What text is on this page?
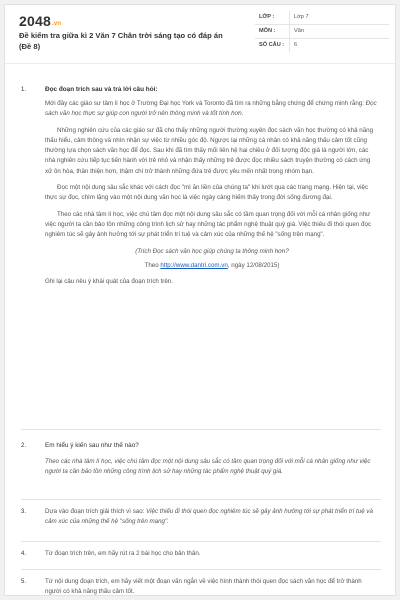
2048.vn
Đề kiểm tra giữa kì 2 Văn 7 Chân trời sáng tạo có đáp án (Đề 8)
LỚP :	Lớp 7
MÔN :	Văn
SỐ CÂU :	6
1.	Đọc đoạn trích sau và trả lời câu hỏi:

Mới đây các giáo sư tâm lí học ở Trường Đại học York và Toronto đã tìm ra những bằng chứng để chứng minh rằng: Đọc sách văn học thực sự giúp con người trở nên thông minh và tốt tính hơn.

Những nghiên cứu của các giáo sư đã cho thấy những người thường xuyên đọc sách văn học thường có khả năng thấu hiểu, cảm thông và nhìn nhận sự việc từ nhiều góc độ. Ngược lại những cá nhân có khả năng thấu cảm tốt cũng thường lựa chọn sách văn học để đọc. Sau khi đã tìm thấy mối liên hệ hai chiều ở đối tượng độc giả là người lớn, các nhà nghiên cứu tiếp tục tiến hành với trẻ nhỏ và nhận thấy những trẻ được đọc nhiều sách truyện thường có cách ứng xử ôn hòa, thân thiện hơn, thậm chí trở thành những đứa trẻ được yêu mến nhất trong nhóm bạn.

Đọc một nội dung sâu sắc khác với cách đọc "mì ăn liền của chúng ta" khi lướt qua các trang mạng. Hiện tại, việc thực sự đọc, chìm lặng vào một nội dung văn học là việc ngày càng hiếm thấy trong đời sống đương đại.

Theo các nhà tâm lí học, việc chú tâm đọc một nội dung sâu sắc có tầm quan trọng đối với mỗi cá nhân giống như việc người ta cần bảo tồn những công trình lịch sử hay những tác phẩm nghệ thuật quý giá. Việc thiếu đi thói quen đọc nghiêm túc sẽ gây ảnh hưởng tới sự phát triển trí tuệ và cảm xúc của những thế hệ "sống trên mạng".

(Trích Đọc sách văn học giúp chúng ta thông minh hơn?

Theo http://www.dantri.com.vn, ngày 12/08/2015)

Ghi lại câu nêu ý khái quát của đoạn trích trên.

2.	Em hiểu ý kiến sau như thế nào?

Theo các nhà tâm lí học, việc chú tâm đọc một nội dung sâu sắc có tầm quan trọng đối với mỗi cá nhân giống như việc người ta cần bảo tồn những công trình lịch sử hay những tác phẩm nghệ thuật quý giá.

3.	Dựa vào đoạn trích giải thích vì sao: Việc thiếu đi thói quen đọc nghiêm túc sẽ gây ảnh hưởng tới sự phát triển trí tuệ và cảm xúc của những thế hệ "sống trên mạng".

4.	Từ đoạn trích trên, em hãy rút ra 2 bài học cho bản thân.

5.	Từ nội dung đoạn trích, em hãy viết một đoạn văn ngắn về việc hình thành thói quen đọc sách văn học để trở thành người có khả năng thấu cảm tốt.
